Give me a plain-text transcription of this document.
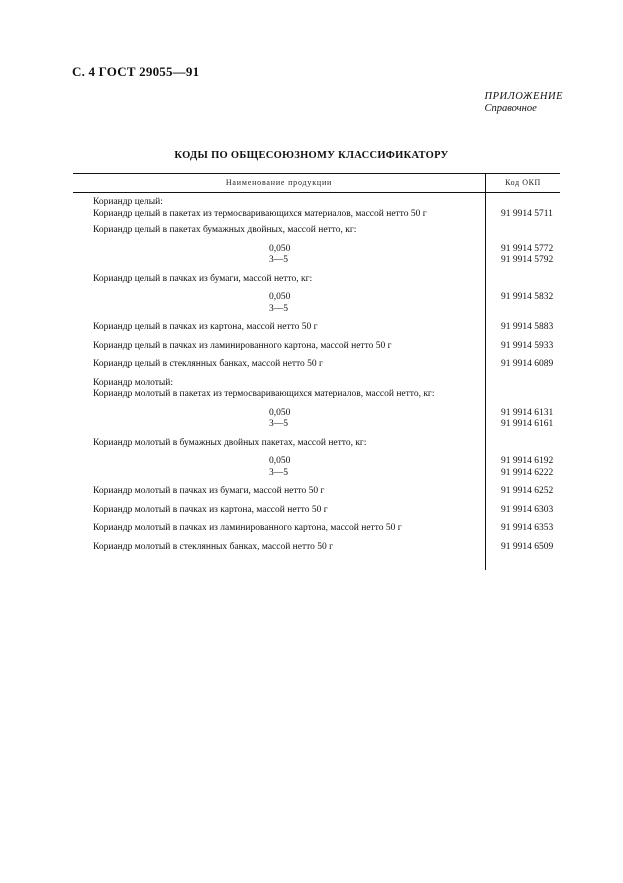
С. 4 ГОСТ 29055—91
ПРИЛОЖЕНИЕ
Справочное
КОДЫ ПО ОБЩЕСОЮЗНОМУ КЛАССИФИКАТОРУ
Наименование продукции	Код ОКП
Кориандр целый:
Кориандр целый в пакетах из термосваривающихся материалов, массой нетто 50 г	91 9914 5711
Кориандр целый в пакетах бумажных двойных, массой нетто, кг:
0,050	91 9914 5772
3—5	91 9914 5792
Кориандр целый в пачках из бумаги, массой нетто, кг:
0,050	91 9914 5832
3—5
Кориандр целый в пачках из картона, массой нетто 50 г	91 9914 5883
Кориандр целый в пачках из ламинированного картона, массой нетто 50 г	91 9914 5933
Кориандр целый в стеклянных банках, массой нетто 50 г	91 9914 6089
Кориандр молотый:
Кориандр молотый в пакетах из термосваривающихся материалов, массой нетто, кг:
0,050	91 9914 6131
3—5	91 9914 6161
Кориандр молотый в бумажных двойных пакетах, массой нетто, кг:
0,050	91 9914 6192
3—5	91 9914 6222
Кориандр молотый в пачках из бумаги, массой нетто 50 г	91 9914 6252
Кориандр молотый в пачках из картона, массой нетто 50 г	91 9914 6303
Кориандр молотый в пачках из ламинированного картона, массой нетто 50 г	91 9914 6353
Кориандр молотый в стеклянных банках, массой нетто 50 г	91 9914 6509
